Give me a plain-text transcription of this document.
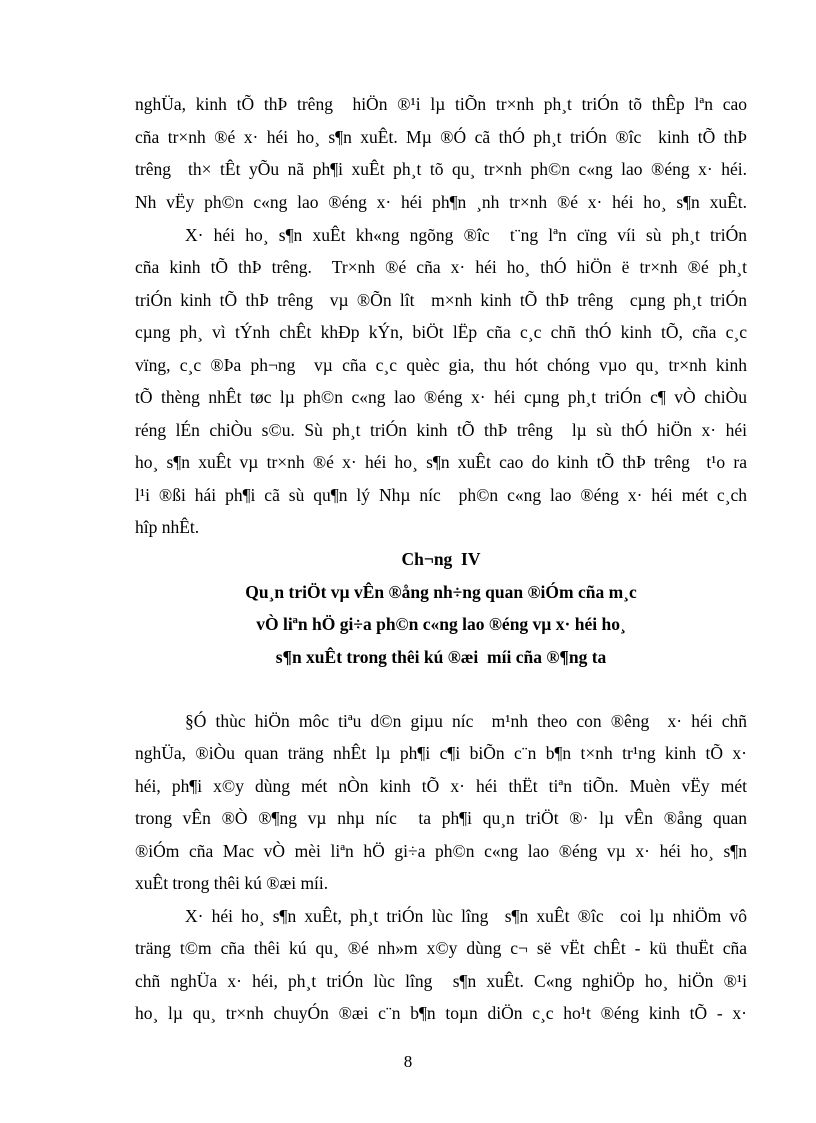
nghÜa, kinh tÕ thÞ trêng  hiÖn ®¹i lµ tiÕn tr×nh ph¸t triÓn tõ thÊp lªn cao
cña tr×nh ®é x· héi ho¸ s¶n xuÊt. Mµ ®Ó cã thÓ ph¸t triÓn ®îc  kinh tÕ thÞ
trêng  th× tÊt yÕu nã ph¶i xuÊt ph¸t tõ qu¸ tr×nh ph©n c«ng lao ®éng x· héi.
Nh vËy ph©n c«ng lao ®éng x· héi ph¶n ¸nh tr×nh ®é x· héi ho¸ s¶n xuÊt.
X· héi ho¸ s¶n xuÊt kh«ng ngõng ®îc  t¨ng lªn cïng víi sù ph¸t triÓn
cña kinh tÕ thÞ trêng.  Tr×nh ®é cña x· héi ho¸ thÓ hiÖn ë tr×nh ®é ph¸t
triÓn kinh tÕ thÞ trêng  vµ ®Õn lît  m×nh kinh tÕ thÞ trêng  cµng ph¸t triÓn
cµng ph¸ vì tÝnh chÊt khÐp kÝn, biÖt lËp cña c¸c chñ thÓ kinh tÕ, cña c¸c
vïng, c¸c ®Þa ph¬ng  vµ cña c¸c quèc gia, thu hót chóng vµo qu¸ tr×nh kinh
tÕ thèng nhÊt tøc lµ ph©n c«ng lao ®éng x· héi cµng ph¸t triÓn c¶ vÒ chiÒu
réng lÉn chiÒu s©u. Sù ph¸t triÓn kinh tÕ thÞ trêng  lµ sù thÓ hiÖn x· héi
ho¸ s¶n xuÊt vµ tr×nh ®é x· héi ho¸ s¶n xuÊt cao do kinh tÕ thÞ trêng  t¹o ra
l¹i ®ßi hái ph¶i cã sù qu¶n lý Nhµ níc  ph©n c«ng lao ®éng x· héi mét c¸ch
hîp nhÊt.
Ch¬ng  IV
Qu¸n triÖt vµ vÊn ®ång nh÷ng quan ®iÓm cña m¸c
vÒ liªn hÖ gi÷a ph©n c«ng lao ®éng vµ x· héi ho¸
s¶n xuÊt trong thêi kú ®æi  míi cña ®¶ng ta
§Ó thùc hiÖn môc tiªu d©n giµu níc  m¹nh theo con ®êng  x· héi chñ
nghÜa, ®iÒu quan träng nhÊt lµ ph¶i c¶i biÕn c¨n b¶n t×nh tr¹ng kinh tÕ x·
héi, ph¶i x©y dùng mét nÒn kinh tÕ x· héi thËt tiªn tiÕn. Muèn vËy mét
trong vÊn ®Ò ®¶ng vµ nhµ níc  ta ph¶i qu¸n triÖt ®· lµ vÊn ®ång quan
®iÓm cña Mac vÒ mèi liªn hÖ gi÷a ph©n c«ng lao ®éng vµ x· héi ho¸ s¶n
xuÊt trong thêi kú ®æi míi.
X· héi ho¸ s¶n xuÊt, ph¸t triÓn lùc lîng  s¶n xuÊt ®îc  coi lµ nhiÖm vô
träng t©m cña thêi kú qu¸ ®é nh»m x©y dùng c¬ së vËt chÊt - kü thuËt cña
chñ nghÜa x· héi, ph¸t triÓn lùc lîng  s¶n xuÊt. C«ng nghiÖp ho¸ hiÖn ®¹i
ho¸ lµ qu¸ tr×nh chuyÓn ®æi c¨n b¶n toµn diÖn c¸c ho¹t ®éng kinh tÕ - x·
8
